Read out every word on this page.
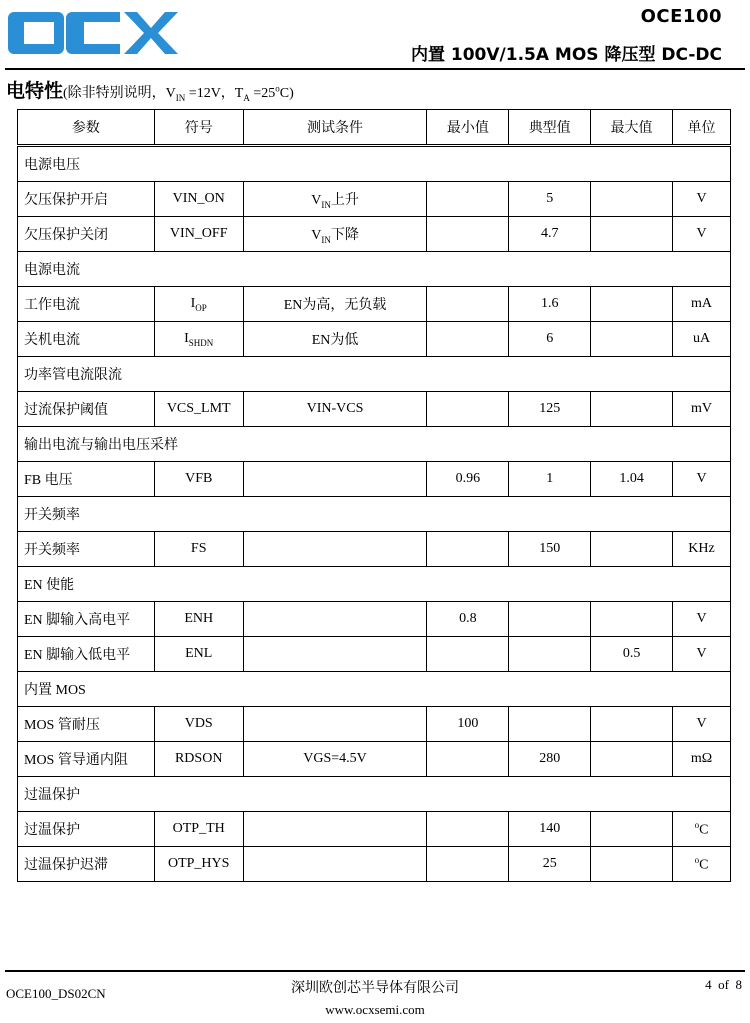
OCX
OCE100
内置 100V/1.5A MOS 降压型 DC-DC
电特性(除非特别说明，$V_{IN} =12V$，$T_A =25^oC$)
参数	符号	测试条件	最小值	典型值	最大值	单位
电源电压						
欠压保护开启	VIN_ON	$V_{IN}$上升		5		V
欠压保护关闭	VIN_OFF	$V_{IN}$下降		4.7		V
电源电流						
工作电流	$I_{OP}$	EN为高，无负载		1.6		mA
关机电流	$I_{SHDN}$	EN为低		6		uA
功率管电流限流						
过流保护阈值	VCS_LMT	VIN-VCS		125		mV
输出电流与输出电压采样						
FB 电压	VFB		0.96	1	1.04	V
开关频率						
开关频率	FS			150		KHz
EN 使能						
EN 脚输入高电平	ENH		0.8			V
EN 脚输入低电平	ENL				0.5	V
内置 MOS						
MOS 管耐压	VDS		100			V
MOS 管导通内阻	RDSON	VGS=4.5V		280		mΩ
过温保护						
过温保护	OTP_TH			140		$^o$C
过温保护迟滞	OTP_HYS			25		$^o$C
OCE100_DS02CN	深圳欧创芯半导体有限公司
www.ocxsemi.com
4 of 8
